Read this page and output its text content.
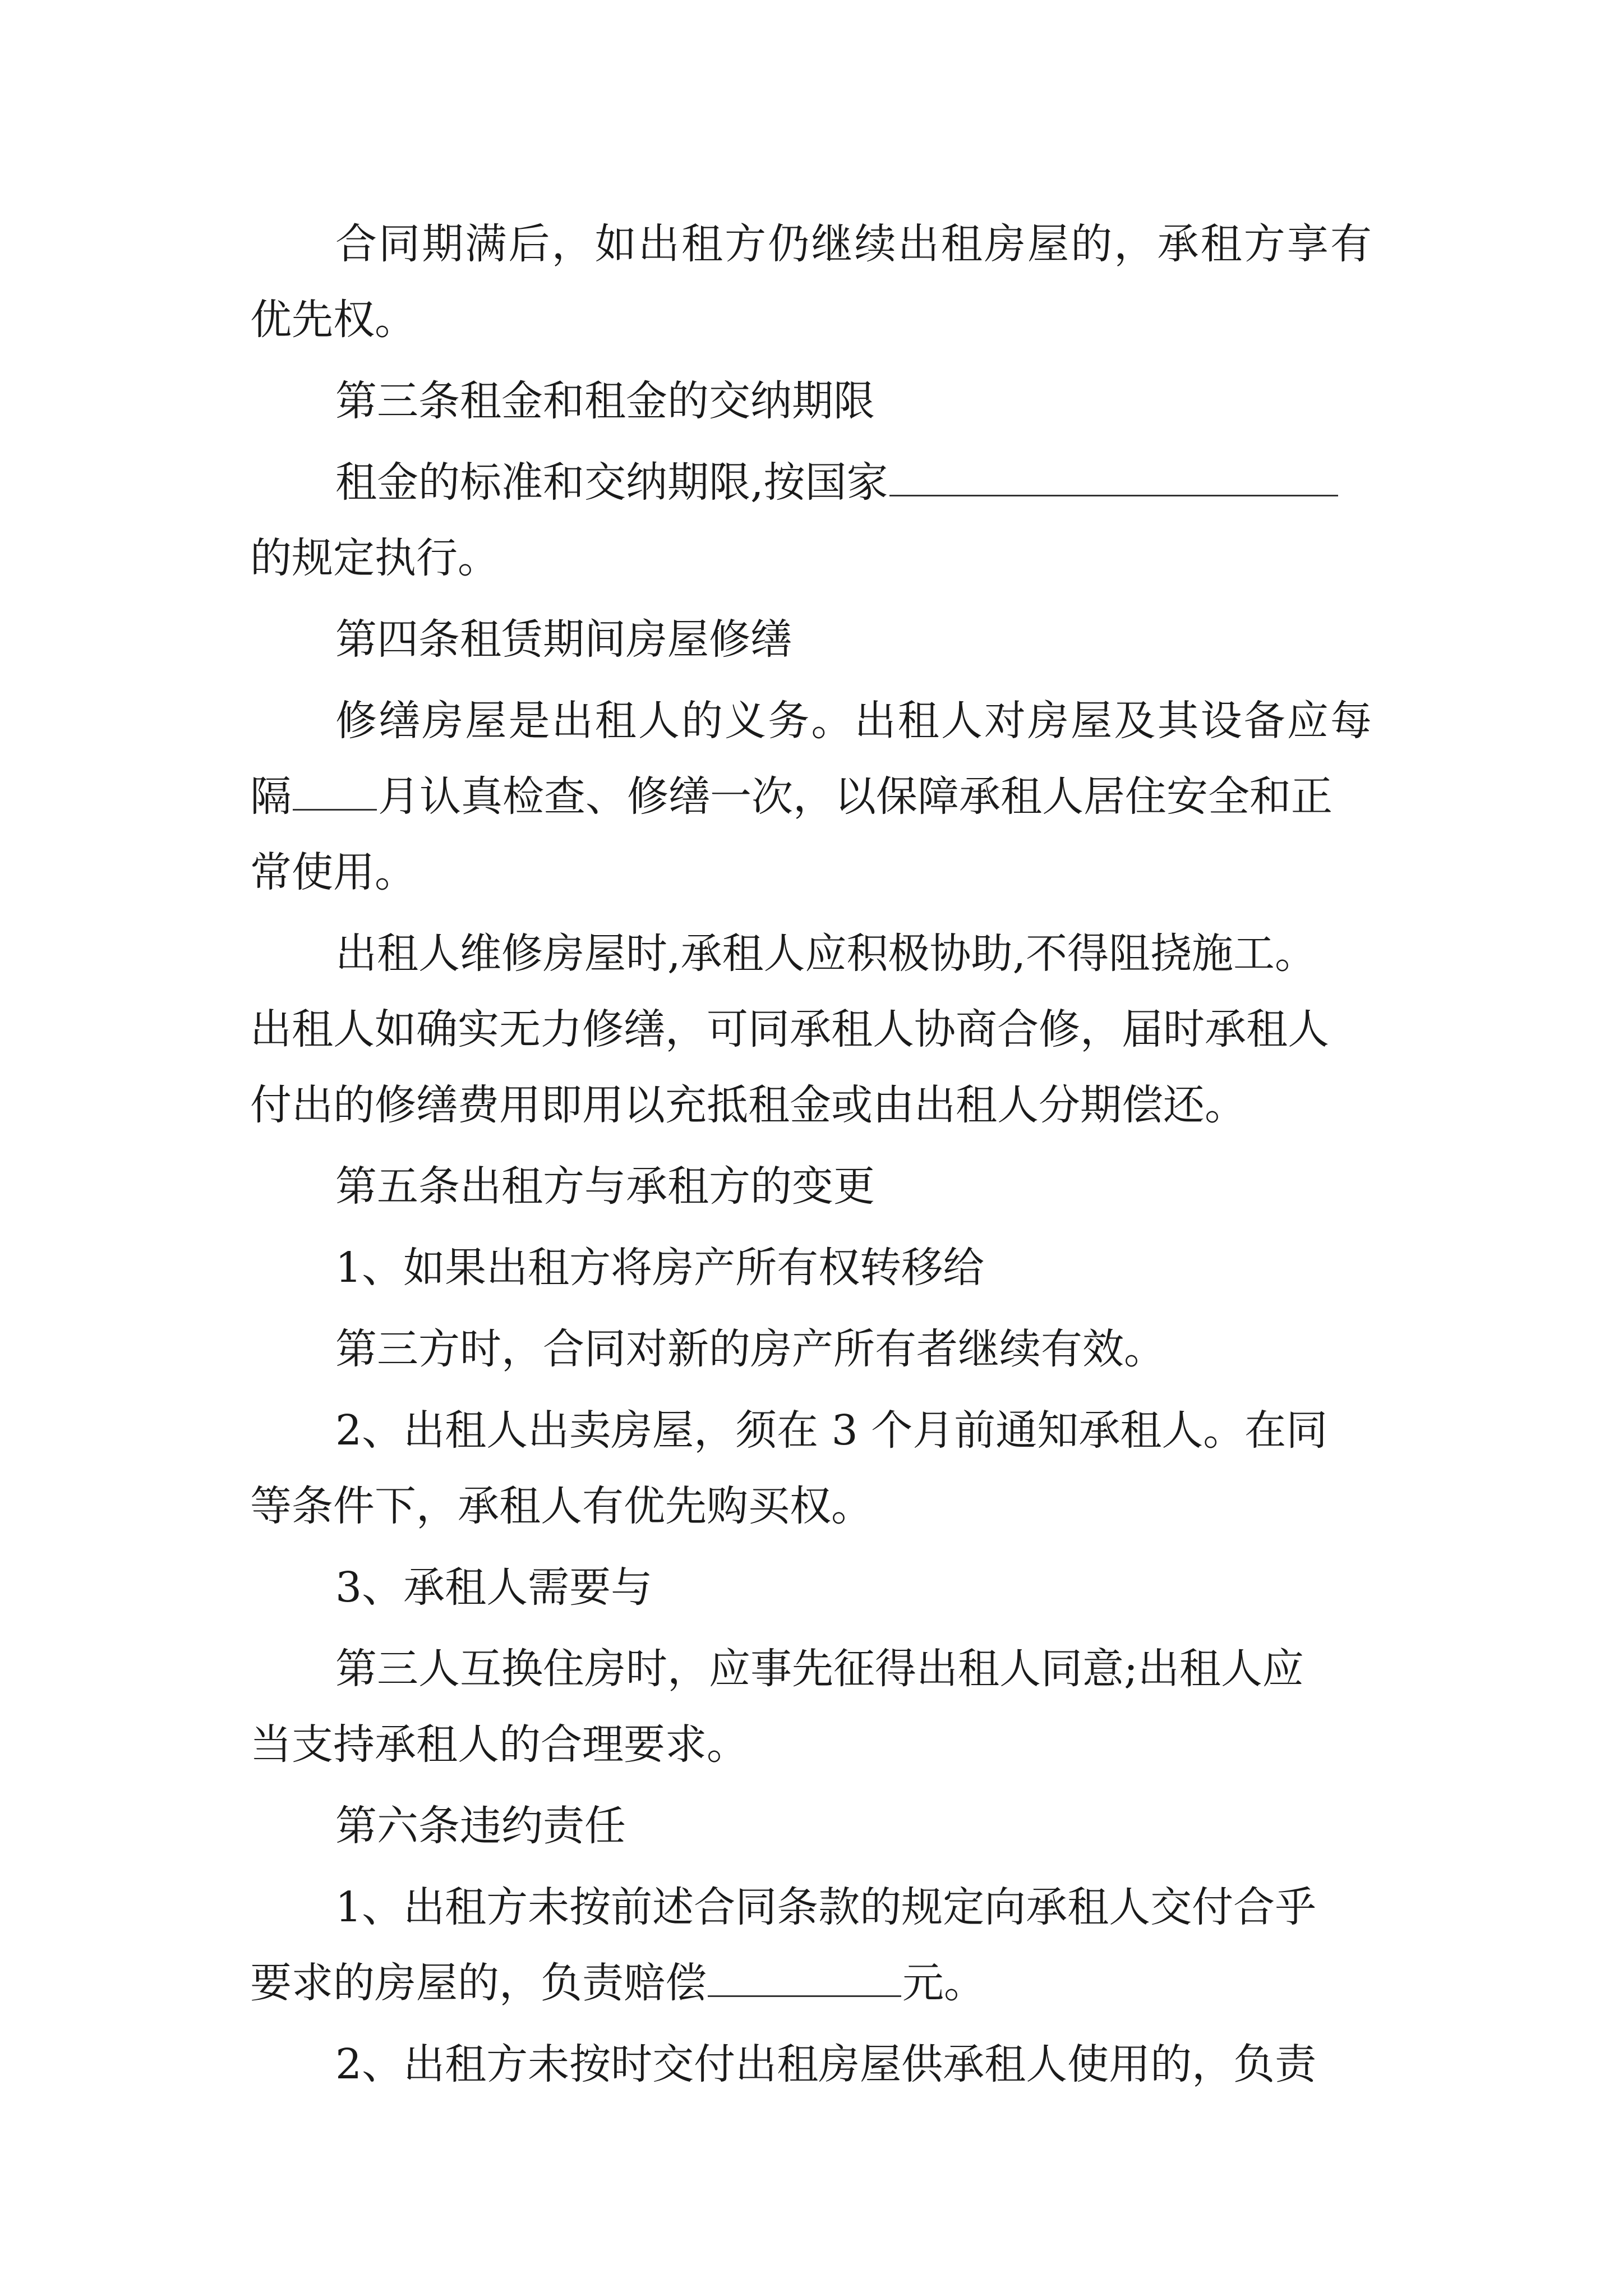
合同期满后，如出租方仍继续出租房屋的，承租方享有
优先权。
第三条租金和租金的交纳期限
租金的标准和交纳期限,按国家
的规定执行。
第四条租赁期间房屋修缮
修缮房屋是出租人的义务。出租人对房屋及其设备应每
隔 月认真检查、修缮一次，以保障承租人居住安全和正
常使用。
出租人维修房屋时,承租人应积极协助,不得阻挠施工。
出租人如确实无力修缮，可同承租人协商合修，届时承租人
付出的修缮费用即用以充抵租金或由出租人分期偿还。
第五条出租方与承租方的变更
1、如果出租方将房产所有权转移给
第三方时，合同对新的房产所有者继续有效。
2、出租人出卖房屋，须在 3 个月前通知承租人。在同
等条件下，承租人有优先购买权。
3、承租人需要与
第三人互换住房时，应事先征得出租人同意;出租人应
当支持承租人的合理要求。
第六条违约责任
1、出租方未按前述合同条款的规定向承租人交付合乎
要求的房屋的，负责赔偿	元。
2、出租方未按时交付出租房屋供承租人使用的，负责
